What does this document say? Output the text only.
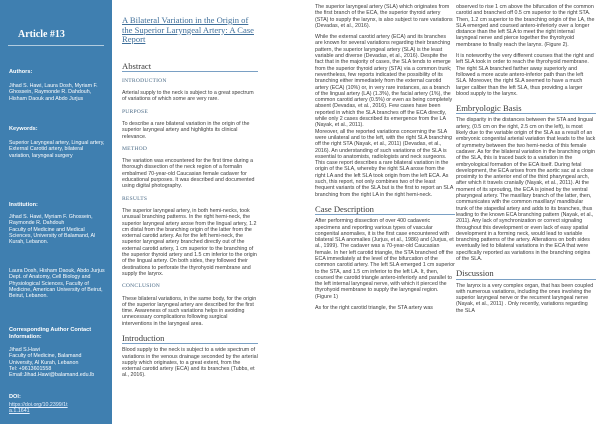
Article #13
Authors:
Jihad S. Hawi, Laura Dosh, Myriam F. Ghossein, Raymonde R. Dahdouh, Hisham Daouk and Abdo Jurjus
Keywords:
Superior Laryngeal artery, Lingual artery, External Carotid artery, bilateral variation, laryngeal surgery
Institution:
Jihad S. Hawi, Myriam F. Ghossein, Raymonde R. Dahdouh
Faculty of Medicine and Medical Sciences, University of Balamand, Al Kurah, Lebanon.
Laura Dosh, Hisham Daouk, Abdo Jurjus
Dept. of Anatomy, Cell Biology and Physiological Sciences, Faculty of Medicine, American University of Beirut, Beirut, Lebanon.
Corresponding Author Contact Information:
Jihad S.Hawi
Faculty of Medicine, Balamand University, Al Kurah, Lebanon
Tel: +9613601558
Email:Jihad.Hawi@balamand.edu.lb
DOI:
https://doi.org/10.2399/1ta.1.1641
A Bilateral Variation in the Origin of the Superior Laryngeal Artery: A Case Report
Abstract
INTRODUCTION

Arterial supply to the neck is subject to a great spectrum of variations of which some are very rare.

PURPOSE

To describe a rare bilateral variation in the origin of the superior laryngeal artery and highlights its clinical relevance.

METHOD

The variation was encountered for the first time during a thorough dissection of the neck region of a formalin embalmed 70-year-old Caucasian female cadaver for educational purposes. It was described and documented using digital photography.

RESULTS

The superior laryngeal artery, in both hemi-necks, took unusual branching patterns. In the right hemi-neck, the superior laryngeal artery arose from the lingual artery, 1.2 cm distal from the branching origin of the latter from the external carotid artery. As for the left hemi-neck, the superior laryngeal artery branched directly out of the external carotid artery, 1 cm superior to the branching of the superior thyroid artery and 1.5 cm inferior to the origin of the lingual artery. On both sides, they followed their destinations to perforate the thyrohyoid membrane and supply the larynx.

CONCLUSION

These bilateral variations, in the same body, for the origin of the superior laryngeal artery are described for the first time. Awareness of such variations helps in avoiding unnecessary complications following surgical interventions in the laryngeal area.

Introduction

Blood supply to the neck is subject to a wide spectrum of variations in the venous drainage seconded by the arterial supply which originates, to a great extent, from the external carotid artery (ECA) and its branches (Tubbs, et al., 2016).

The superior laryngeal artery (SLA) which originates from the first branch of the ECA, the superior thyroid artery (STA) to supply the larynx, is also subject to rare variations (Devadas, et al., 2016).

While the external carotid artery (ECA) and its branches are known for several variations regarding their branching pattern, the superior laryngeal artery (SLA) is the least variable and diverse (Devadas, et al., 2016). Despite the fact that in the majority of cases, the SLA tends to emerge from the superior thyroid artery (STA) via a common trunk; nevertheless, few reports indicated the possibility of its branching either immediately from the external carotid artery (ECA) (10%) or, in very rare instances, as a branch of the lingual artery (LA) (1.3%), the facial artery (1%), the common carotid artery (0.5%) or even as being completely absent (Devadas, et al., 2016). Few cases have been reported in which the SLA branches off the ECA directly, while only 2 cases described its emergence from the LA (Nayak, et al., 2011).
Moreover, all the reported variations concerning the SLA were unilateral and to the left, with the right SLA branching off the right STA (Nayak, et al., 2011) (Devadas, et al., 2016). An understanding of such variations of the SLA is essential to anatomists, radiologists and neck surgeons. This case report describes a rare bilateral variation in the origin of the SLA, whereby the right SLA arose from the right LA and the left SLA took origin from the left ECA. As such, this report, not only combines two of the least frequent variants of the SLA but is the first to report an SLA branching from the right LA in the right hemi-neck.

Case Description

After performing dissection of over 400 cadaveric specimens and reporting various types of vascular congenital anomalies, it is the first case encountered with bilateral SLA anomalies (Jurjus, et al., 1986) and (Jurjus, et al., 1999). The cadaver was a 70-year-old Caucasian female. In her left carotid triangle, the STA branched off the ECA immediately at the level of the bifurcation of the common carotid artery. The left SLA emerged 1 cm superior to the STA, and 1.5 cm inferior to the left LA. It, then, coursed the carotid triangle antero-inferiorly and parallel to the left internal laryngeal nerve, with which it pierced the thyrohyoid membrane to supply the laryngeal region. (Figure 1)

As for the right carotid triangle, the STA artery was

observed to rise 1 cm above the bifurcation of the common carotid and branched off 0.5 cm superior to the right STA. Then, 1.2 cm superior to the branching origin of the LA, the SLA emerged and coursed antero-inferiorly over a longer distance than the left SLA to meet the right internal laryngeal nerve and pierce together the thyrohyoid membrane to finally reach the larynx. (Figure 2).

It is noteworthy the very different courses that the right and left SLA took in order to reach the thyrohyoid membrane. The right SLA branched farther away superiorly and followed a more acute antero-inferior path than the left SLA. Moreover, the right SLA seemed to have a much larger caliber than the left SLA, thus providing a larger blood supply to the larynx.

Embryologic Basis

The disparity in the distances between the STA and lingual artery, (0.5 cm on the right, 2.5 cm on the left), is most likely due to the variable origin of the SLA as a result of an embryonic congenital arterial variation that leads to the lack of symmetry between the two hemi-necks of this female cadaver. As for the bilateral variation in the branching origin of the SLA, this is traced back to a variation in the embryological formation of the ECA itself. During fetal development, the ECA arises from the aortic sac at a close proximity to the anterior end of the third pharyngeal arch, after which it travels cranially (Nayak, et al., 2011). At the moment of its sprouting, the ECA is joined by the ventral pharyngeal artery. The maxillary branch of the latter, then, communicates with the common maxillary/ mandibular trunk of the stapedial artery and adds to its branches, thus leading to the known ECA branching pattern (Nayak, et al., 2011). Any lack of synchronization or correct signaling throughout this development or even lack of easy spatial development in a forming neck, would lead to variable branching patterns of the artery. Alterations on both sides eventually led to bilateral variations in the ECA that were specifically reported as variations in the branching origins of the SLA.

Discussion

The larynx is a very complex organ, that has been coupled with numerous variations, including the ones involving the superior laryngeal nerve or the recurrent laryngeal nerve (Nayak, et al., 2011) . Only recently, variations regarding the SLA
